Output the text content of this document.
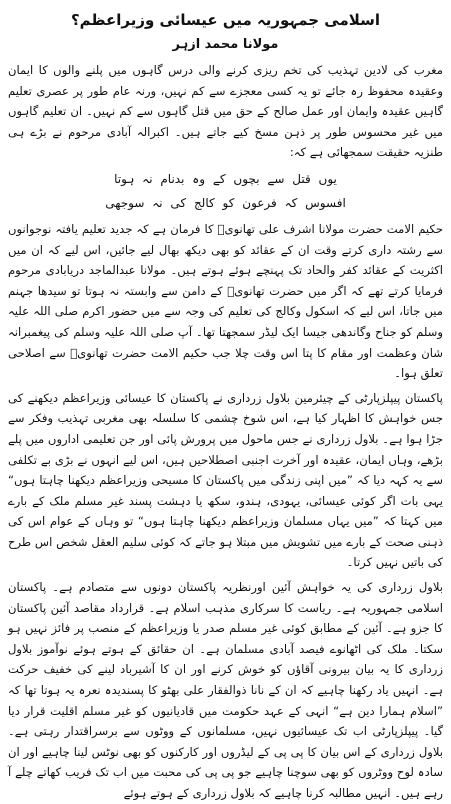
اسلامی جمہوریہ میں عیسائی وزیراعظم؟
مولانا محمد ازہر

مغرب کی لادین تہذیب کی تخم ریزی کرنے والی درس گاہوں میں پلنے والوں کا ایمان وعقیدہ محفوظ رہ جائے تو یہ کسی معجزے سے کم نہیں، ورنہ عام طور پر عصری تعلیم گاہیں عقیدہ وایمان اور عمل صالح کے حق میں قتل گاہوں سے کم نہیں۔ ان تعلیم گاہوں میں غیر محسوس طور پر ذہن مسخ کیے جاتے ہیں۔ اکبرالہ آبادی مرحوم نے بڑے ہی طنزیہ حقیقت سمجھائی ہے کہ:

یوں قتل سے بچوں کے وہ بدنام نہ ہوتا
افسوس کہ فرعون کو کالج کی نہ سوجھی

حکیم الامت حضرت مولانا اشرف علی تھانویؒ کا فرمان ہے کہ جدید تعلیم یافتہ نوجوانوں سے رشتہ داری کرتے وقت ان کے عقائد کو بھی دیکھ بھال لیے جائیں، اس لیے کہ ان میں اکثریت کے عقائد کفر والحاد تک پہنچے ہوئے ہوتے ہیں۔ مولانا عبدالماجد دریابادی مرحوم فرمایا کرتے تھے کہ اگر میں حضرت تھانویؒ کے دامن سے وابستہ نہ ہوتا تو سیدھا جہنم میں جاتا، اس لیے کہ اسکول وکالج کی تعلیم کی وجہ سے میں حضور اکرم صلی اللہ علیہ وسلم کو جناح وگاندھی جیسا ایک لیڈر سمجھتا تھا۔ آپ صلی اللہ علیہ وسلم کی پیغمبرانہ شان وعظمت اور مقام کا پتا اس وقت چلا جب حکیم الامت حضرت تھانویؒ سے اصلاحی تعلق ہوا۔

پاکستان پیپلزپارٹی کے چیئرمین بلاول زرداری نے پاکستان کا عیسائی وزیراعظم دیکھنے کی جس خواہش کا اظہار کیا ہے، اس شوخ چشمی کا سلسلہ بھی مغربی تہذیب وفکر سے جڑا ہوا ہے۔ بلاول زرداری نے جس ماحول میں پرورش پائی اور جن تعلیمی اداروں میں پلے بڑھے، وہاں ایمان، عقیدہ اور آخرت اجنبی اصطلاحیں ہیں، اس لیے انہوں نے بڑی بے تکلفی سے یہ کہہ دیا کہ ”میں اپنی زندگی میں پاکستان کا مسیحی وزیراعظم دیکھنا چاہتا ہوں“ یہی بات اگر کوئی عیسائی، یہودی، ہندو، سکھ یا دہشت پسند غیر مسلم ملک کے بارے میں کہتا کہ ”میں یہاں مسلمان وزیراعظم دیکھنا چاہتا ہوں“ تو وہاں کے عوام اس کی ذہنی صحت کے بارے میں تشویش میں مبتلا ہو جاتے کہ کوئی سلیم العقل شخص اس طرح کی باتیں نہیں کرتا۔

بلاول زرداری کی یہ خواہش آئین اورنظریہ پاکستان دونوں سے متصادم ہے۔ پاکستان اسلامی جمہوریہ ہے۔ ریاست کا سرکاری مذہب اسلام ہے۔ قرارداد مقاصد آئین پاکستان کا جزو ہے۔ آئین کے مطابق کوئی غیر مسلم صدر یا وزیراعظم کے منصب پر فائز نہیں ہو سکتا۔ ملک کی اٹھانوے فیصد آبادی مسلمان ہے۔ ان حقائق کے ہوتے ہوئے نوآموز بلاول زرداری کا یہ بیان بیرونی آقاؤں کو خوش کرنے اور ان کا آشیرباد لینے کی خفیف حرکت ہے۔ انہیں یاد رکھنا چاہیے کہ ان کے نانا ذوالفقار علی بھٹو کا پسندیدہ نعرہ یہ ہوتا تھا کہ ”اسلام ہمارا دین ہے“ انہی کے عہد حکومت میں قادیانیوں کو غیر مسلم اقلیت قرار دیا گیا۔ پیپلزپارٹی اب تک عیسائیوں نہیں، مسلمانوں کے ووٹوں سے برسراقتدار رہتی ہے۔ بلاول زرداری کے اس بیان کا پی پی کے لیڈروں اور کارکنوں کو بھی نوٹس لینا چاہیے اور ان سادہ لوح ووٹروں کو بھی سوچنا چاہیے جو پی پی کی محبت میں اب تک فریب کھاتے چلے آ رہے ہیں۔ انہیں مطالبہ کرنا چاہیے کہ بلاول زرداری کے ہوتے ہوئے
